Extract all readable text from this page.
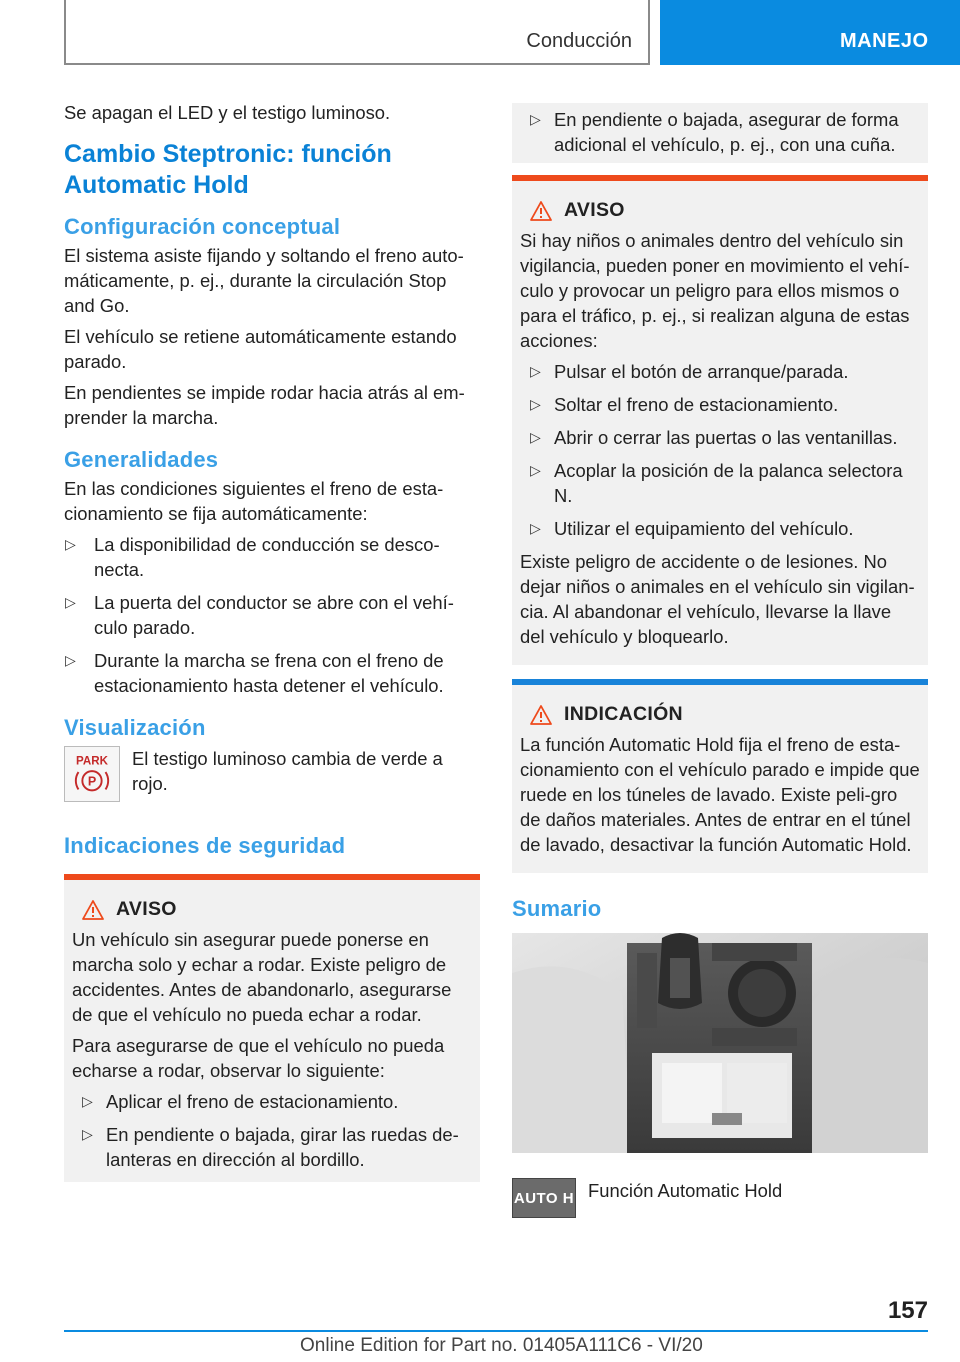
Conducción	MANEJO

Se apagan el LED y el testigo luminoso.

Cambio Steptronic: función Automatic Hold
Configuración conceptual

El sistema asiste fijando y soltando el freno auto‐máticamente, p. ej., durante la circulación Stop and Go.

El vehículo se retiene automáticamente estando parado.

En pendientes se impide rodar hacia atrás al em‐prender la marcha.

Generalidades

En las condiciones siguientes el freno de esta‐cionamiento se fija automáticamente:

▷ La disponibilidad de conducción se desco‐necta.
▷ La puerta del conductor se abre con el vehí‐culo parado.
▷ Durante la marcha se frena con el freno de estacionamiento hasta detener el vehículo.
Visualización
PARK
P

El testigo luminoso cambia de verde a rojo.

Indicaciones de seguridad
AVISO

Un vehículo sin asegurar puede ponerse en marcha solo y echar a rodar. Existe peligro de accidentes. Antes de abandonarlo, asegurarse de que el vehículo no pueda echar a rodar.

Para asegurarse de que el vehículo no pueda echarse a rodar, observar lo siguiente:

▷ Aplicar el freno de estacionamiento.
▷ En pendiente o bajada, girar las ruedas de‐lanteras en dirección al bordillo.
▷ En pendiente o bajada, asegurar de forma adicional el vehículo, p. ej., con una cuña.
AVISO

Si hay niños o animales dentro del vehículo sin vigilancia, pueden poner en movimiento el vehí‐culo y provocar un peligro para ellos mismos o para el tráfico, p. ej., si realizan alguna de estas acciones:

▷ Pulsar el botón de arranque/parada.
▷ Soltar el freno de estacionamiento.
▷ Abrir o cerrar las puertas o las ventanillas.
▷ Acoplar la posición de la palanca selectora N.
▷ Utilizar el equipamiento del vehículo.

Existe peligro de accidente o de lesiones. No dejar niños o animales en el vehículo sin vigilan‐cia. Al abandonar el vehículo, llevarse la llave del vehículo y bloquearlo.

INDICACIÓN

La función Automatic Hold fija el freno de esta‐cionamiento con el vehículo parado e impide que ruede en los túneles de lavado. Existe peli‐gro de daños materiales. Antes de entrar en el túnel de lavado, desactivar la función Automatic Hold.

Sumario
AUTO H Función Automatic Hold

157
Online Edition for Part no. 01405A111C6 - VI/20
